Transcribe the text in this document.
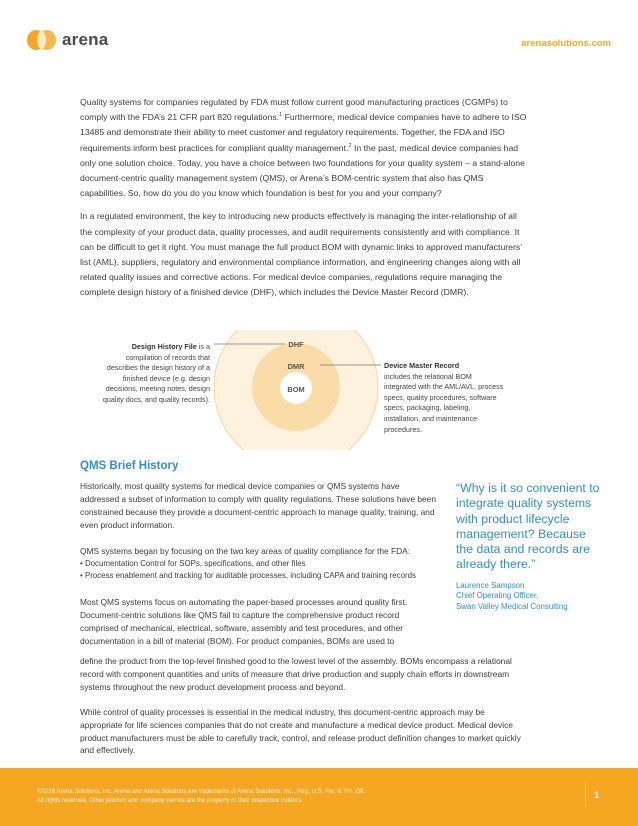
arena	arenasolutions.com

Quality systems for companies regulated by FDA must follow current good manufacturing practices (CGMPs) to comply with the FDA’s 21 CFR part 820 regulations.$^1$ Furthermore, medical device companies have to adhere to ISO 13485 and demonstrate their ability to meet customer and regulatory requirements. Together, the FDA and ISO requirements inform best practices for compliant quality management.$^2$ In the past, medical device companies had only one solution choice. Today, you have a choice between two foundations for your quality system – a stand-alone document-centric quality management system (QMS), or Arena’s BOM-centric system that also has QMS capabilities. So, how do you do you know which foundation is best for you and your company?

In a regulated environment, the key to introducing new products effectively is managing the inter-relationship of all the complexity of your product data, quality processes, and audit requirements consistently and with compliance. It can be difficult to get it right. You must manage the full product BOM with dynamic links to approved manufacturers’ list (AML), suppliers, regulatory and environmental compliance information, and engineering changes along with all related quality issues and corrective actions. For medical device companies, regulations require managing the complete design history of a finished device (DHF), which includes the Device Master Record (DMR).

Design History File is a compilation of records that describes the design history of a finished device (e.g. design decisions, meeting notes, design quality docs, and quality records).
DHF
DMR
BOM
Device Master Record
includes the relational BOM integrated with the AML/AVL, process specs, quality procedures, software specs, packaging, labeling, installation, and maintenance procedures.
QMS Brief History

Historically, most quality systems for medical device companies or QMS systems have addressed a subset of information to comply with quality regulations. These solutions have been constrained because they provide a document-centric approach to manage quality, training, and even product information.

QMS systems began by focusing on the two key areas of quality compliance for the FDA:

• Documentation Control for SOPs, specifications, and other files
• Process enablement and tracking for auditable processes, including CAPA and training records

Most QMS systems focus on automating the paper-based processes around quality first. Document-centric solutions like QMS fail to capture the comprehensive product record comprised of mechanical, electrical, software, assembly and test procedures, and other documentation in a bill of material (BOM). For product companies, BOMs are used to

define the product from the top-level finished good to the lowest level of the assembly. BOMs encompass a relational record with component quantities and units of measure that drive production and supply chain efforts in downstream systems throughout the new product development process and beyond.

While control of quality processes is essential in the medical industry, this document-centric approach may be appropriate for life sciences companies that do not create and manufacture a medical device product. Medical device product manufacturers must be able to carefully track, control, and release product definition changes to market quickly and effectively.

“Why is it so convenient to integrate quality systems with product lifecycle management? Because the data and records are already there.”
Laurence Sampson
Chief Operating Officer,
Swan Valley Medical Consulting
©2016 Arena Solutions, Inc. Arena and Arena Solutions are trademarks of Arena Solutions, Inc., Reg. U.S. Pat. & Tm. Off.
All rights reserved. Other product and company names are the property of their respective holders.	1
